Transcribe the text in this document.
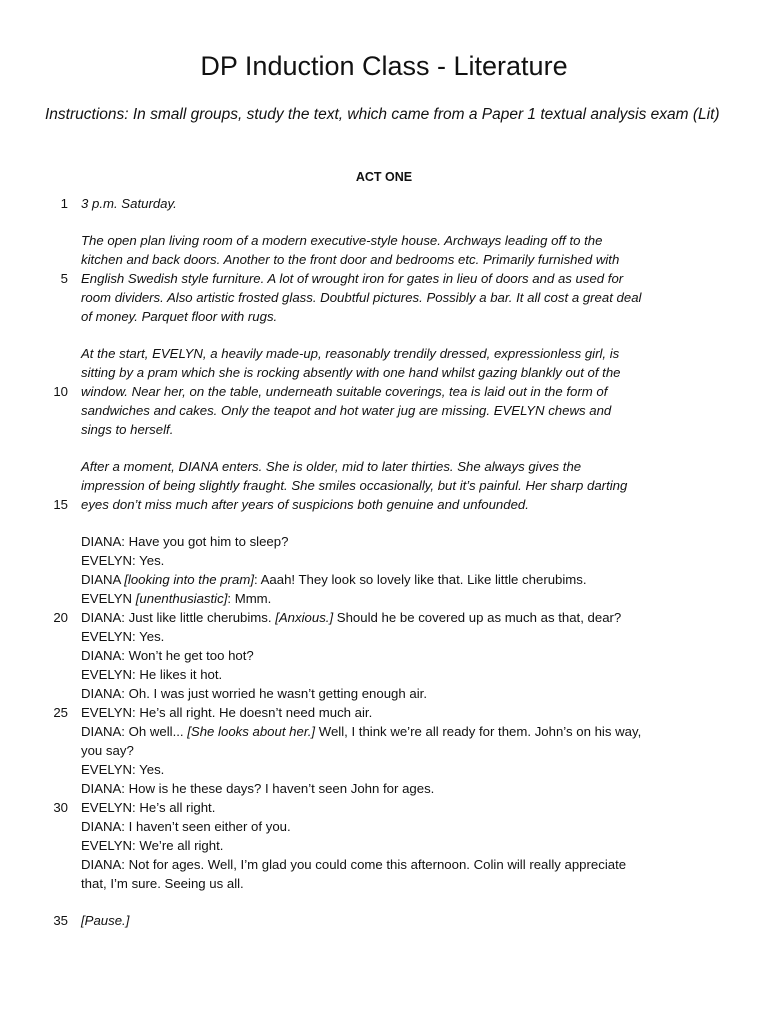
DP Induction Class - Literature
Instructions: In small groups, study the text, which came from a Paper 1 textual analysis exam (Lit)
ACT ONE
1 3 p.m. Saturday.
The open plan living room of a modern executive-style house. Archways leading off to the
kitchen and back doors. Another to the front door and bedrooms etc. Primarily furnished with
5 English Swedish style furniture. A lot of wrought iron for gates in lieu of doors and as used for
room dividers. Also artistic frosted glass. Doubtful pictures. Possibly a bar. It all cost a great deal
of money. Parquet floor with rugs.
At the start, EVELYN, a heavily made-up, reasonably trendily dressed, expressionless girl, is
sitting by a pram which she is rocking absently with one hand whilst gazing blankly out of the
10 window. Near her, on the table, underneath suitable coverings, tea is laid out in the form of
sandwiches and cakes. Only the teapot and hot water jug are missing. EVELYN chews and
sings to herself.
After a moment, DIANA enters. She is older, mid to later thirties. She always gives the
impression of being slightly fraught. She smiles occasionally, but it’s painful. Her sharp darting
15 eyes don’t miss much after years of suspicions both genuine and unfounded.
DIANA: Have you got him to sleep?
EVELYN: Yes.
DIANA [looking into the pram]: Aaah! They look so lovely like that. Like little cherubims.
EVELYN [unenthusiastic]: Mmm.
20 DIANA: Just like little cherubims. [Anxious.] Should he be covered up as much as that, dear?
EVELYN: Yes.
DIANA: Won’t he get too hot?
EVELYN: He likes it hot.
DIANA: Oh. I was just worried he wasn’t getting enough air.
25 EVELYN: He’s all right. He doesn’t need much air.
DIANA: Oh well... [She looks about her.] Well, I think we’re all ready for them. John’s on his way,
you say?
EVELYN: Yes.
DIANA: How is he these days? I haven’t seen John for ages.
30 EVELYN: He’s all right.
DIANA: I haven’t seen either of you.
EVELYN: We’re all right.
DIANA: Not for ages. Well, I’m glad you could come this afternoon. Colin will really appreciate
that, I’m sure. Seeing us all.
35 [Pause.]
